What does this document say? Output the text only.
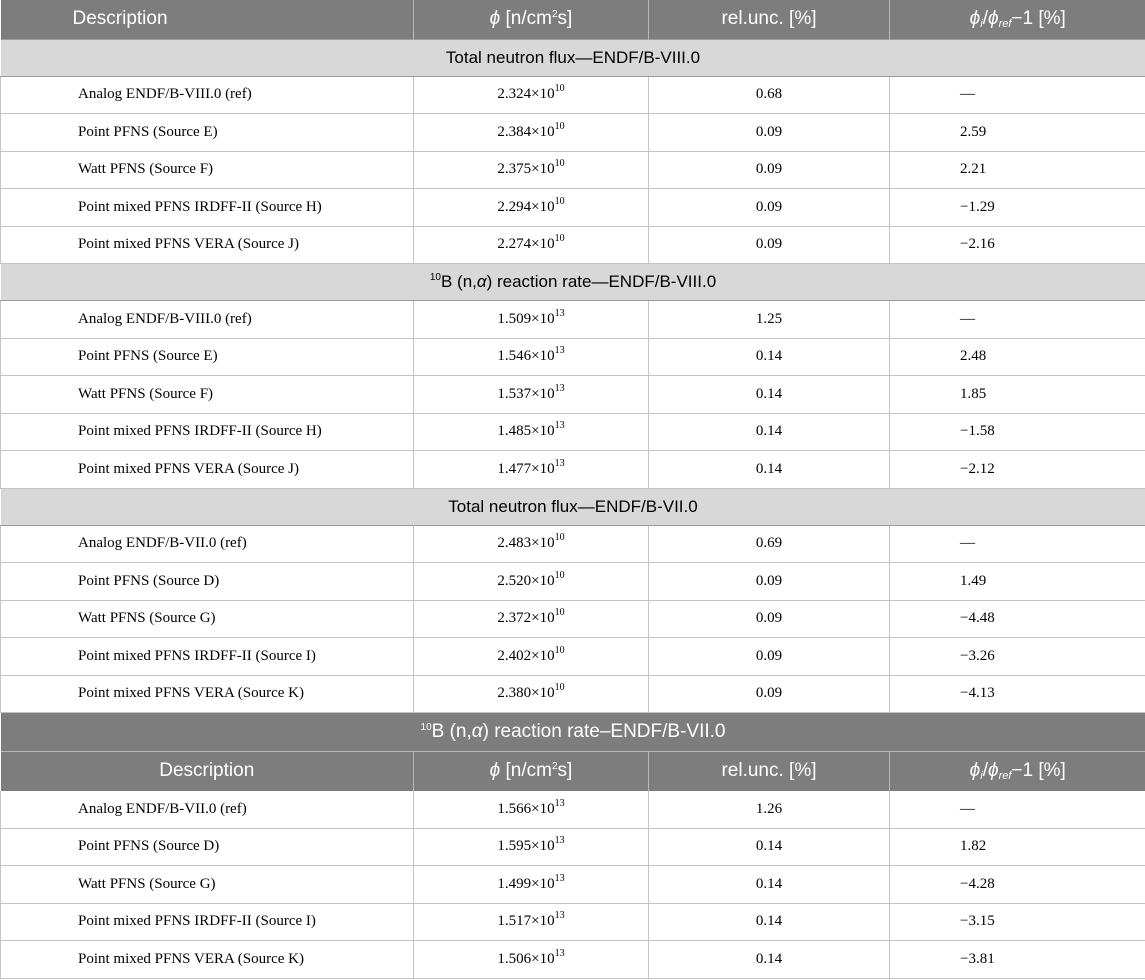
Description	ϕ $[n/cm^2s]$	rel.unc. [%]	$\phi_i/\phi_{ref}-1$ [%]
Total neutron flux—ENDF/B-VIII.0			
Analog ENDF/B-VIII.0 (ref)	$2.324\times 10^{10}$	0.68	—
Point PFNS (Source E)	$2.384\times 10^{10}$	0.09	2.59
Watt PFNS (Source F)	$2.375\times 10^{10}$	0.09	2.21
Point mixed PFNS IRDFF-II (Source H)	$2.294\times 10^{10}$	0.09	−1.29
Point mixed PFNS VERA (Source J)	$2.274\times 10^{10}$	0.09	−2.16
$^{10}$B (n,α) reaction rate—ENDF/B-VIII.0			
Analog ENDF/B-VIII.0 (ref)	$1.509\times 10^{13}$	1.25	—
Point PFNS (Source E)	$1.546\times 10^{13}$	0.14	2.48
Watt PFNS (Source F)	$1.537\times 10^{13}$	0.14	1.85
Point mixed PFNS IRDFF-II (Source H)	$1.485\times 10^{13}$	0.14	−1.58
Point mixed PFNS VERA (Source J)	$1.477\times 10^{13}$	0.14	−2.12
Total neutron flux—ENDF/B-VII.0			
Analog ENDF/B-VII.0 (ref)	$2.483\times 10^{10}$	0.69	—
Point PFNS (Source D)	$2.520\times 10^{10}$	0.09	1.49
Watt PFNS (Source G)	$2.372\times 10^{10}$	0.09	−4.48
Point mixed PFNS IRDFF-II (Source I)	$2.402\times 10^{10}$	0.09	−3.26
Point mixed PFNS VERA (Source K)	$2.380\times 10^{10}$	0.09	−4.13
$^{10}$B (n,α) reaction rate–ENDF/B-VII.0			
Description	ϕ $[n/cm^2s]$	rel.unc. [%]	$\phi_i/\phi_{ref}-1$ [%]
Analog ENDF/B-VII.0 (ref)	$1.566\times 10^{13}$	1.26	—
Point PFNS (Source D)	$1.595\times 10^{13}$	0.14	1.82
Watt PFNS (Source G)	$1.499\times 10^{13}$	0.14	−4.28
Point mixed PFNS IRDFF-II (Source I)	$1.517\times 10^{13}$	0.14	−3.15
Point mixed PFNS VERA (Source K)	$1.506\times 10^{13}$	0.14	−3.81
